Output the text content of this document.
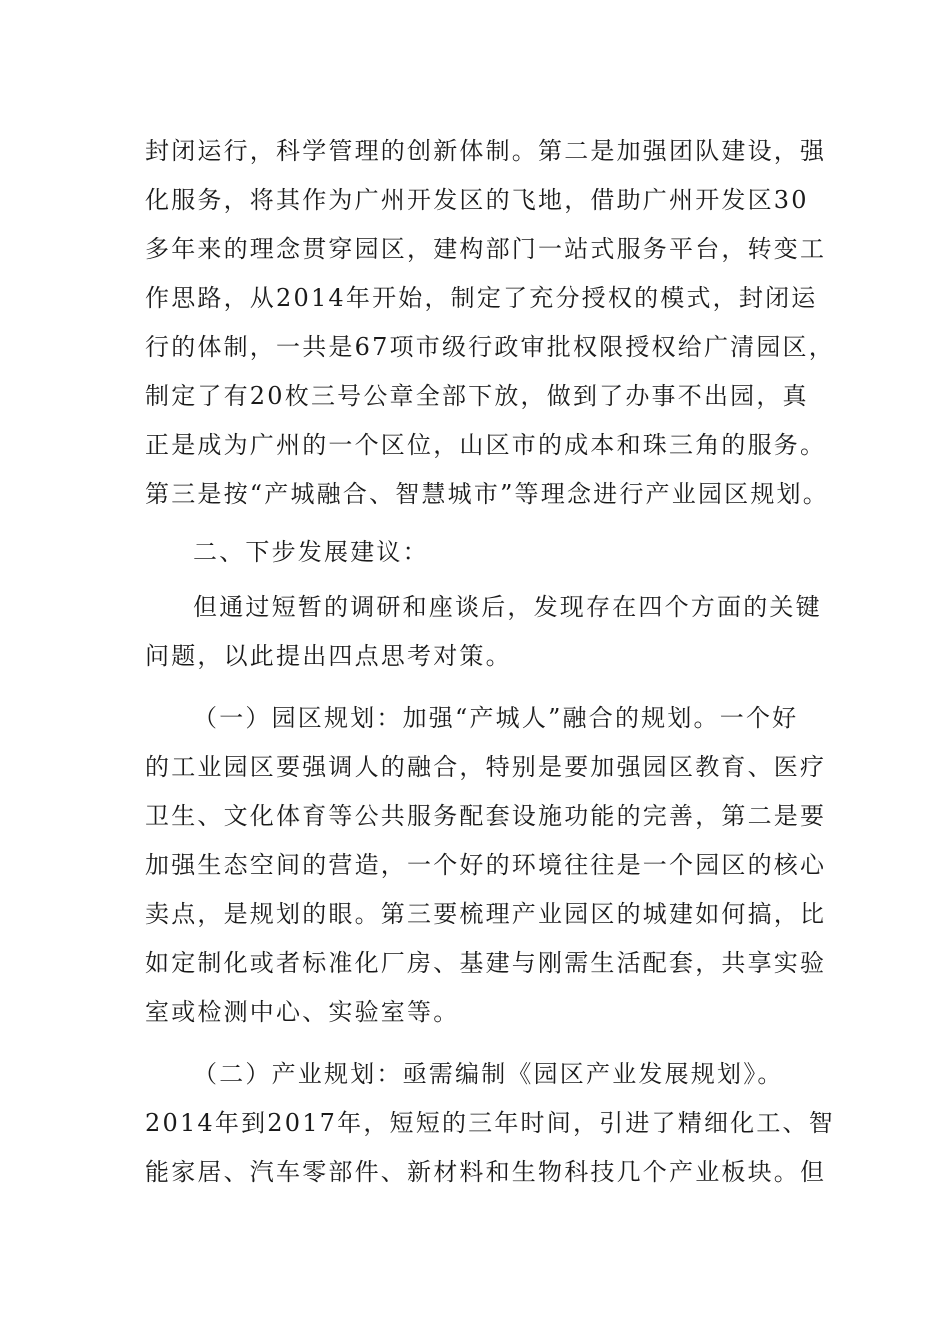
封闭运行，科学管理的创新体制。第二是加强团队建设，强

化服务，将其作为广州开发区的飞地，借助广州开发区30

多年来的理念贯穿园区，建构部门一站式服务平台，转变工

作思路，从2014年开始，制定了充分授权的模式，封闭运

行的体制，一共是67项市级行政审批权限授权给广清园区，

制定了有20枚三号公章全部下放，做到了办事不出园，真

正是成为广州的一个区位，山区市的成本和珠三角的服务。

第三是按“产城融合、智慧城市”等理念进行产业园区规划。

二、下步发展建议：

但通过短暂的调研和座谈后，发现存在四个方面的关键

问题，以此提出四点思考对策。

（一）园区规划：加强“产城人”融合的规划。一个好

的工业园区要强调人的融合，特别是要加强园区教育、医疗

卫生、文化体育等公共服务配套设施功能的完善，第二是要

加强生态空间的营造，一个好的环境往往是一个园区的核心

卖点，是规划的眼。第三要梳理产业园区的城建如何搞，比

如定制化或者标准化厂房、基建与刚需生活配套，共享实验

室或检测中心、实验室等。

（二）产业规划：亟需编制《园区产业发展规划》。

2014年到2017年，短短的三年时间，引进了精细化工、智

能家居、汽车零部件、新材料和生物科技几个产业板块。但
